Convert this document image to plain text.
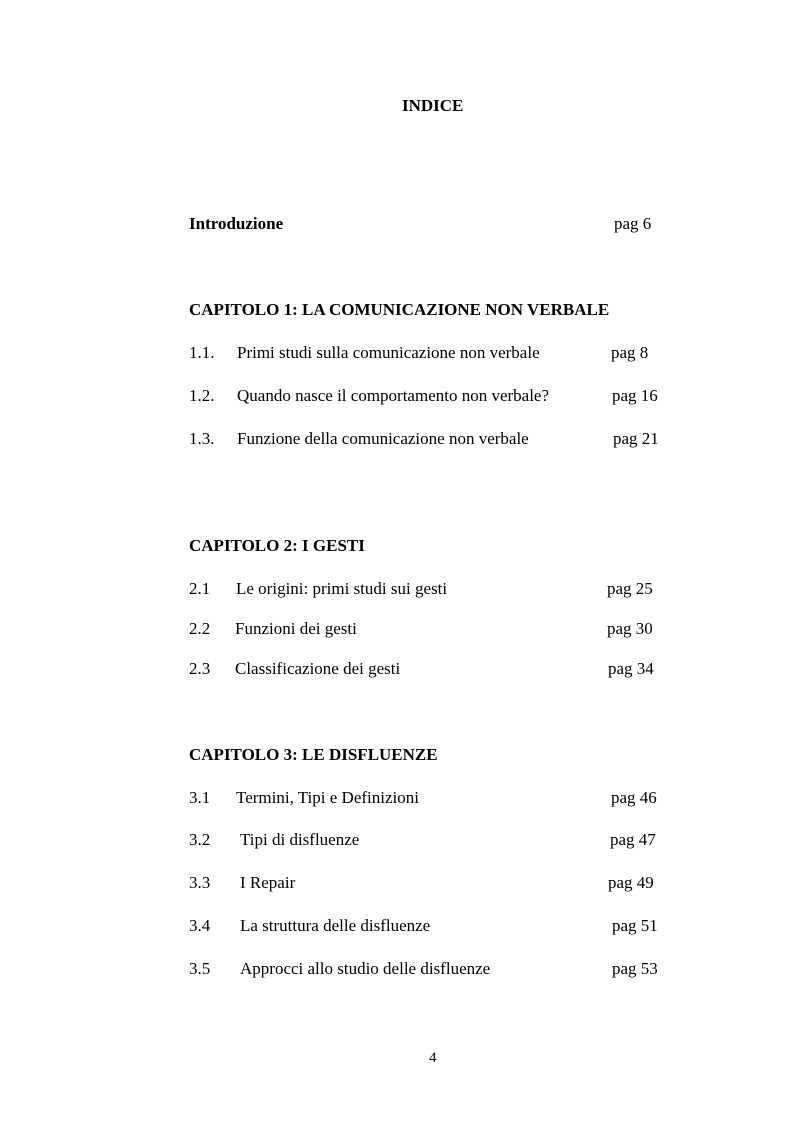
INDICE
Introduzione	pag 6
CAPITOLO 1: LA COMUNICAZIONE NON VERBALE
1.1. Primi studi sulla comunicazione non verbale	pag 8
1.2. Quando nasce il comportamento non verbale?	pag 16
1.3. Funzione della comunicazione non verbale	pag 21
CAPITOLO 2: I GESTI
2.1 Le origini: primi studi sui gesti	pag 25
2.2 Funzioni dei gesti	pag 30
2.3 Classificazione dei gesti	pag 34
CAPITOLO 3: LE DISFLUENZE
3.1 Termini, Tipi e Definizioni	pag 46
3.2 Tipi di disfluenze	pag 47
3.3 I Repair	pag 49
3.4 La struttura delle disfluenze	pag 51
3.5 Approcci allo studio delle disfluenze	pag 53
4
